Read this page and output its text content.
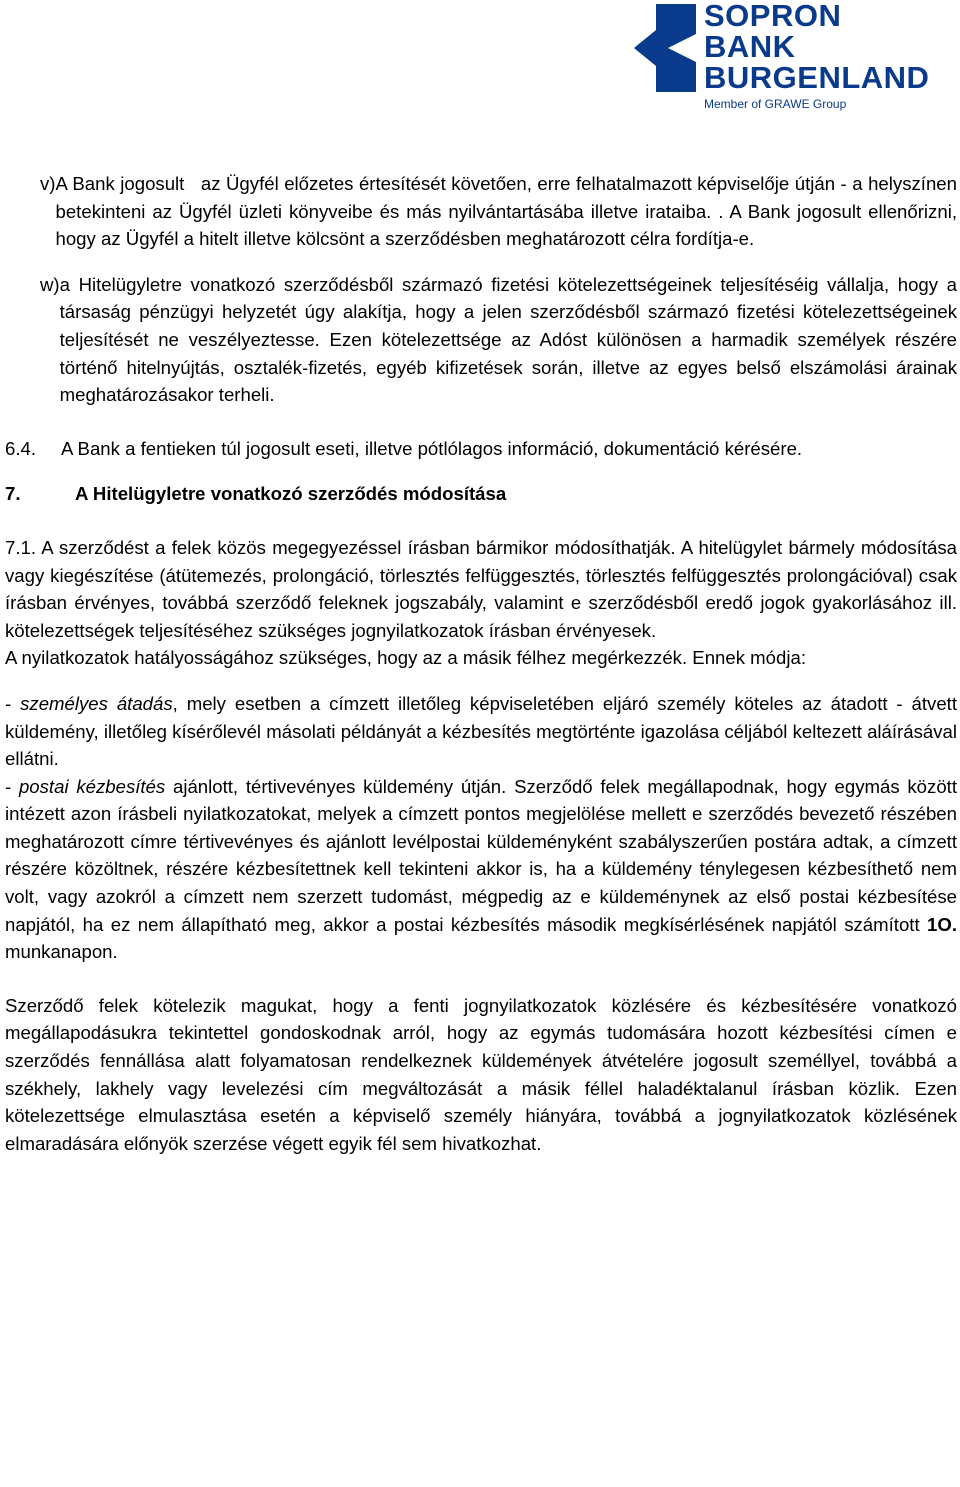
SOPRON
BANK
BURGENLAND
Member of GRAWE Group
v) A Bank jogosult   az Ügyfél előzetes értesítését követően, erre felhatalmazott képviselője útján - a helyszínen betekinteni az Ügyfél üzleti könyveibe és más nyilvántartásába illetve irataiba. . A Bank jogosult ellenőrizni, hogy az Ügyfél a hitelt illetve kölcsönt a szerződésben meghatározott célra fordítja-e.
w) a Hitelügyletre vonatkozó szerződésből származó fizetési kötelezettségeinek teljesítéséig vállalja, hogy a társaság pénzügyi helyzetét úgy alakítja, hogy a jelen szerződésből származó fizetési kötelezettségeinek teljesítését ne veszélyeztesse. Ezen kötelezettsége az Adóst különösen a harmadik személyek részére történő hitelnyújtás, osztalék-fizetés, egyéb kifizetések során, illetve az egyes belső elszámolási árainak meghatározásakor terheli.
6.4.	A Bank a fentieken túl jogosult eseti, illetve pótlólagos információ, dokumentáció kérésére.
7.	A Hitelügyletre vonatkozó szerződés módosítása

7.1. A szerződést a felek közös megegyezéssel írásban bármikor módosíthatják. A hitelügylet bármely módosítása vagy kiegészítése (átütemezés, prolongáció, törlesztés felfüggesztés, törlesztés felfüggesztés prolongációval) csak írásban érvényes, továbbá szerződő feleknek jogszabály, valamint e szerződésből eredő jogok gyakorlásához ill. kötelezettségek teljesítéséhez szükséges jognyilatkozatok írásban érvényesek.

A nyilatkozatok hatályosságához szükséges, hogy az a másik félhez megérkezzék. Ennek módja:

- személyes átadás, mely esetben a címzett illetőleg képviseletében eljáró személy köteles az átadott - átvett küldemény, illetőleg kísérőlevél másolati példányát a kézbesítés megtörténte igazolása céljából keltezett aláírásával ellátni.

- postai kézbesítés ajánlott, tértivevényes küldemény útján. Szerződő felek megállapodnak, hogy egymás között intézett azon írásbeli nyilatkozatokat, melyek a címzett pontos megjelölése mellett e szerződés bevezető részében meghatározott címre tértivevényes és ajánlott levélpostai küldeményként szabályszerűen postára adtak, a címzett részére közöltnek, részére kézbesítettnek kell tekinteni akkor is, ha a küldemény ténylegesen kézbesíthető nem volt, vagy azokról a címzett nem szerzett tudomást, mégpedig az e küldeménynek az első postai kézbesítése napjától, ha ez nem állapítható meg, akkor a postai kézbesítés második megkísérlésének napjától számított 1O. munkanapon.

Szerződő felek kötelezik magukat, hogy a fenti jognyilatkozatok közlésére és kézbesítésére vonatkozó megállapodásukra tekintettel gondoskodnak arról, hogy az egymás tudomására hozott kézbesítési címen e szerződés fennállása alatt folyamatosan rendelkeznek küldemények átvételére jogosult személlyel, továbbá a székhely, lakhely vagy levelezési cím megváltozását a másik féllel haladéktalanul írásban közlik. Ezen kötelezettsége elmulasztása esetén a képviselő személy hiányára, továbbá a jognyilatkozatok közlésének elmaradására előnyök szerzése végett egyik fél sem hivatkozhat.
